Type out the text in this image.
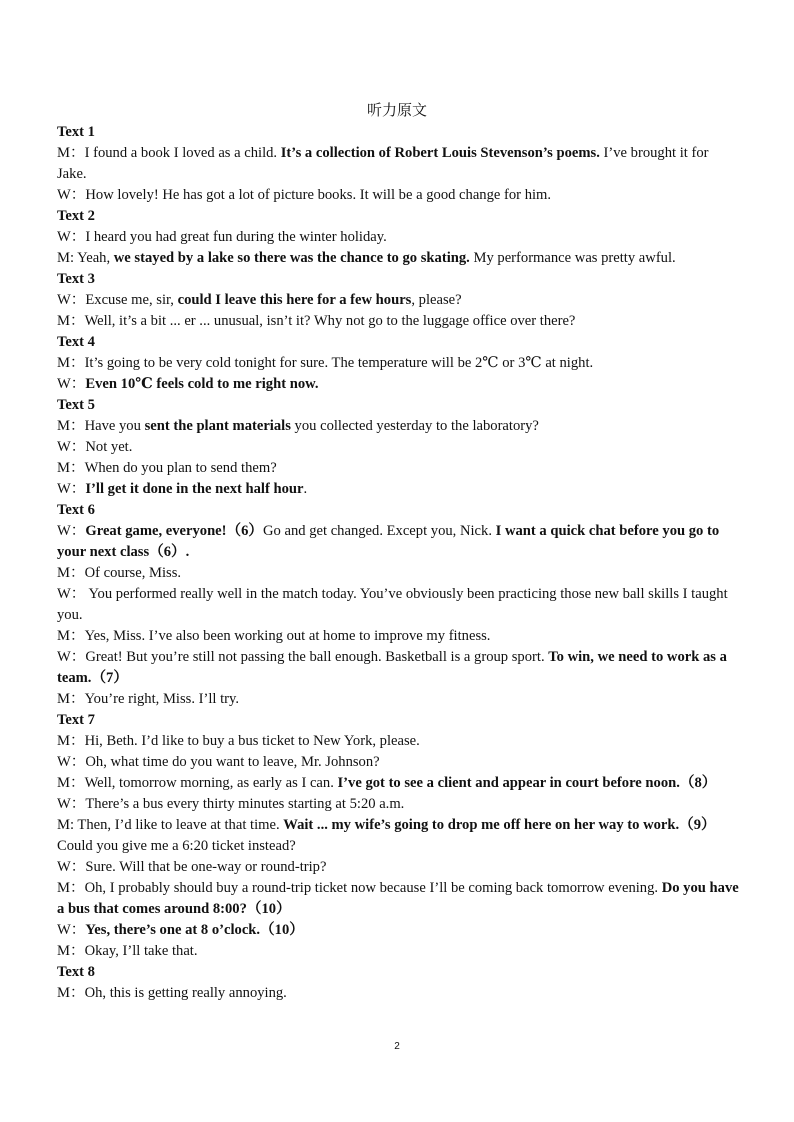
听力原文

Text 1

M：I found a book I loved as a child. It’s a collection of Robert Louis Stevenson’s poems. I’ve brought it for Jake.

W：How lovely! He has got a lot of picture books. It will be a good change for him.

Text 2

W：I heard you had great fun during the winter holiday.

M: Yeah, we stayed by a lake so there was the chance to go skating. My performance was pretty awful.

Text 3

W：Excuse me, sir, could I leave this here for a few hours, please?

M：Well, it’s a bit ... er ... unusual, isn’t it? Why not go to the luggage office over there?

Text 4

M：It’s going to be very cold tonight for sure. The temperature will be 2℃ or 3℃ at night.

W：Even 10℃ feels cold to me right now.

Text 5

M：Have you sent the plant materials you collected yesterday to the laboratory?

W：Not yet.

M：When do you plan to send them?

W：I’ll get it done in the next half hour.

Text 6

W：Great game, everyone!（6）Go and get changed. Except you, Nick. I want a quick chat before you go to your next class（6）.

M：Of course, Miss.

W： You performed really well in the match today. You’ve obviously been practicing those new ball skills I taught you.

M：Yes, Miss. I’ve also been working out at home to improve my fitness.

W：Great! But you’re still not passing the ball enough. Basketball is a group sport. To win, we need to work as a team.（7）

M：You’re right, Miss. I’ll try.

Text 7

M：Hi, Beth. I’d like to buy a bus ticket to New York, please.

W：Oh, what time do you want to leave, Mr. Johnson?

M：Well, tomorrow morning, as early as I can. I’ve got to see a client and appear in court before noon.（8）

W：There’s a bus every thirty minutes starting at 5:20 a.m.

M: Then, I’d like to leave at that time. Wait ... my wife’s going to drop me off here on her way to work.（9）Could you give me a 6:20 ticket instead?

W：Sure. Will that be one-way or round-trip?

M：Oh, I probably should buy a round-trip ticket now because I’ll be coming back tomorrow evening. Do you have a bus that comes around 8:00?（10）

W：Yes, there’s one at 8 o’clock.（10）

M：Okay, I’ll take that.

Text 8

M：Oh, this is getting really annoying.

2
